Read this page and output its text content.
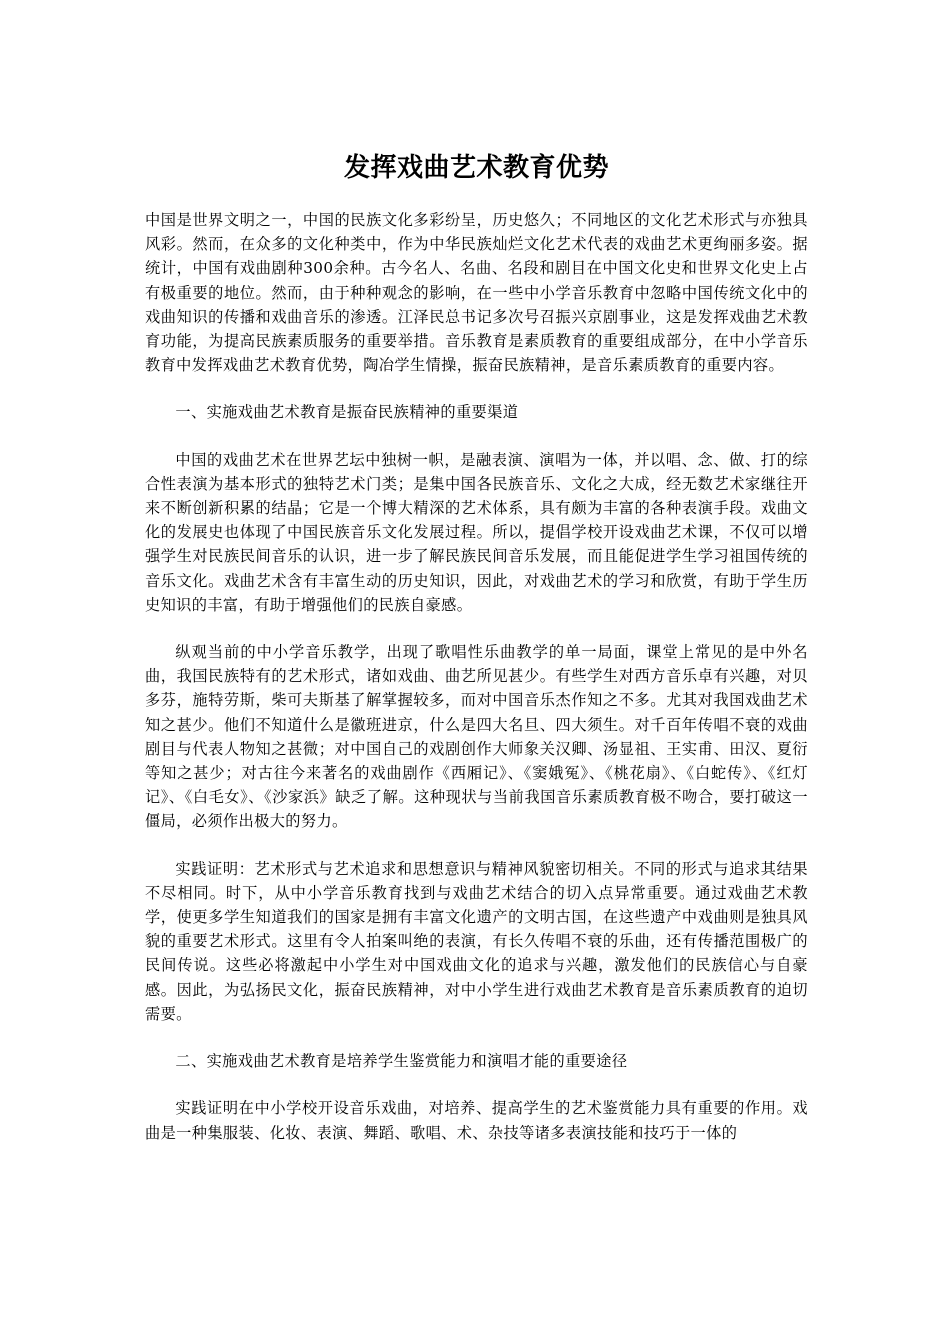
发挥戏曲艺术教育优势

中国是世界文明之一，中国的民族文化多彩纷呈，历史悠久；不同地区的文化艺术形式与亦独具风彩。然而，在众多的文化种类中，作为中华民族灿烂文化艺术代表的戏曲艺术更绚丽多姿。据统计，中国有戏曲剧种300余种。古今名人、名曲、名段和剧目在中国文化史和世界文化史上占有极重要的地位。然而，由于种种观念的影响，在一些中小学音乐教育中忽略中国传统文化中的戏曲知识的传播和戏曲音乐的渗透。江泽民总书记多次号召振兴京剧事业，这是发挥戏曲艺术教育功能，为提高民族素质服务的重要举措。音乐教育是素质教育的重要组成部分，在中小学音乐教育中发挥戏曲艺术教育优势，陶冶学生情操，振奋民族精神，是音乐素质教育的重要内容。

一、实施戏曲艺术教育是振奋民族精神的重要渠道

中国的戏曲艺术在世界艺坛中独树一帜，是融表演、演唱为一体，并以唱、念、做、打的综合性表演为基本形式的独特艺术门类；是集中国各民族音乐、文化之大成，经无数艺术家继往开来不断创新积累的结晶；它是一个博大精深的艺术体系，具有颇为丰富的各种表演手段。戏曲文化的发展史也体现了中国民族音乐文化发展过程。所以，提倡学校开设戏曲艺术课，不仅可以增强学生对民族民间音乐的认识，进一步了解民族民间音乐发展，而且能促进学生学习祖国传统的音乐文化。戏曲艺术含有丰富生动的历史知识，因此，对戏曲艺术的学习和欣赏，有助于学生历史知识的丰富，有助于增强他们的民族自豪感。

纵观当前的中小学音乐教学，出现了歌唱性乐曲教学的单一局面，课堂上常见的是中外名曲，我国民族特有的艺术形式，诸如戏曲、曲艺所见甚少。有些学生对西方音乐卓有兴趣，对贝多芬，施特劳斯，柴可夫斯基了解掌握较多，而对中国音乐杰作知之不多。尤其对我国戏曲艺术知之甚少。他们不知道什么是徽班进京，什么是四大名旦、四大须生。对千百年传唱不衰的戏曲剧目与代表人物知之甚微；对中国自己的戏剧创作大师象关汉卿、汤显祖、王实甫、田汉、夏衍等知之甚少；对古往今来著名的戏曲剧作《西厢记》、《窦娥冤》、《桃花扇》、《白蛇传》、《红灯记》、《白毛女》、《沙家浜》缺乏了解。这种现状与当前我国音乐素质教育极不吻合，要打破这一僵局，必须作出极大的努力。

实践证明：艺术形式与艺术追求和思想意识与精神风貌密切相关。不同的形式与追求其结果不尽相同。时下，从中小学音乐教育找到与戏曲艺术结合的切入点异常重要。通过戏曲艺术教学，使更多学生知道我们的国家是拥有丰富文化遗产的文明古国，在这些遗产中戏曲则是独具风貌的重要艺术形式。这里有令人拍案叫绝的表演，有长久传唱不衰的乐曲，还有传播范围极广的民间传说。这些必将激起中小学生对中国戏曲文化的追求与兴趣，激发他们的民族信心与自豪感。因此，为弘扬民文化，振奋民族精神，对中小学生进行戏曲艺术教育是音乐素质教育的迫切需要。

二、实施戏曲艺术教育是培养学生鉴赏能力和演唱才能的重要途径

实践证明在中小学校开设音乐戏曲，对培养、提高学生的艺术鉴赏能力具有重要的作用。戏曲是一种集服装、化妆、表演、舞蹈、歌唱、术、杂技等诸多表演技能和技巧于一体的
